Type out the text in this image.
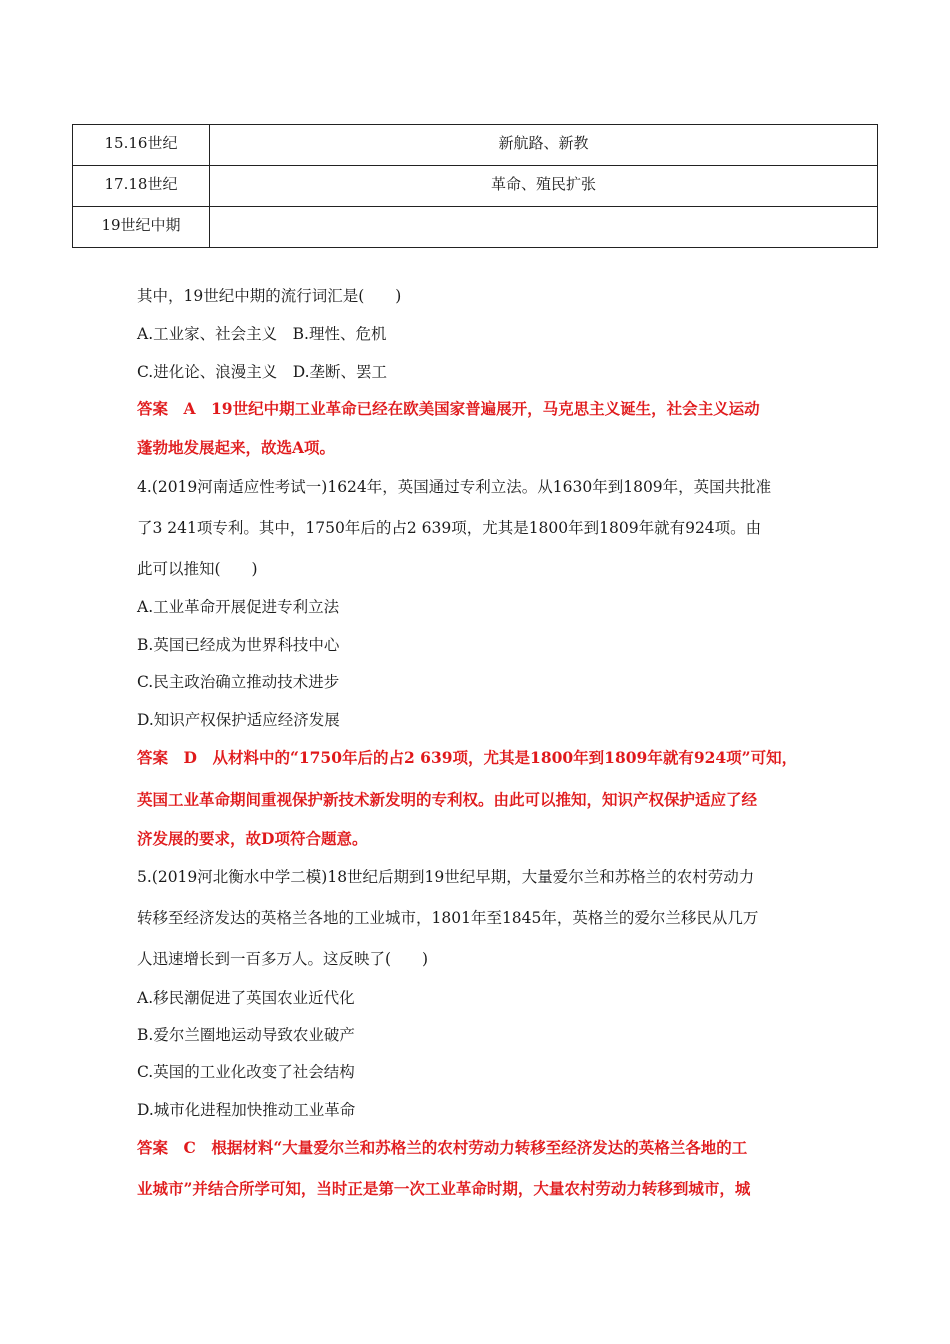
15.16世纪	新航路、新教
17.18世纪	革命、殖民扩张
19世纪中期	
其中，19世纪中期的流行词汇是(　　)
A.工业家、社会主义　B.理性、危机
C.进化论、浪漫主义　D.垄断、罢工
答案　A　19世纪中期工业革命已经在欧美国家普遍展开，马克思主义诞生，社会主义运动
蓬勃地发展起来，故选A项。
4.(2019河南适应性考试一)1624年，英国通过专利立法。从1630年到1809年，英国共批准
了3 241项专利。其中，1750年后的占2 639项，尤其是1800年到1809年就有924项。由
此可以推知(　　)
A.工业革命开展促进专利立法
B.英国已经成为世界科技中心
C.民主政治确立推动技术进步
D.知识产权保护适应经济发展
答案　D　从材料中的“1750年后的占2 639项，尤其是1800年到1809年就有924项”可知，
英国工业革命期间重视保护新技术新发明的专利权。由此可以推知，知识产权保护适应了经
济发展的要求，故D项符合题意。
5.(2019河北衡水中学二模)18世纪后期到19世纪早期，大量爱尔兰和苏格兰的农村劳动力
转移至经济发达的英格兰各地的工业城市，1801年至1845年，英格兰的爱尔兰移民从几万
人迅速增长到一百多万人。这反映了(　　)
A.移民潮促进了英国农业近代化
B.爱尔兰圈地运动导致农业破产
C.英国的工业化改变了社会结构
D.城市化进程加快推动工业革命
答案　C　根据材料“大量爱尔兰和苏格兰的农村劳动力转移至经济发达的英格兰各地的工
业城市”并结合所学可知，当时正是第一次工业革命时期，大量农村劳动力转移到城市，城
